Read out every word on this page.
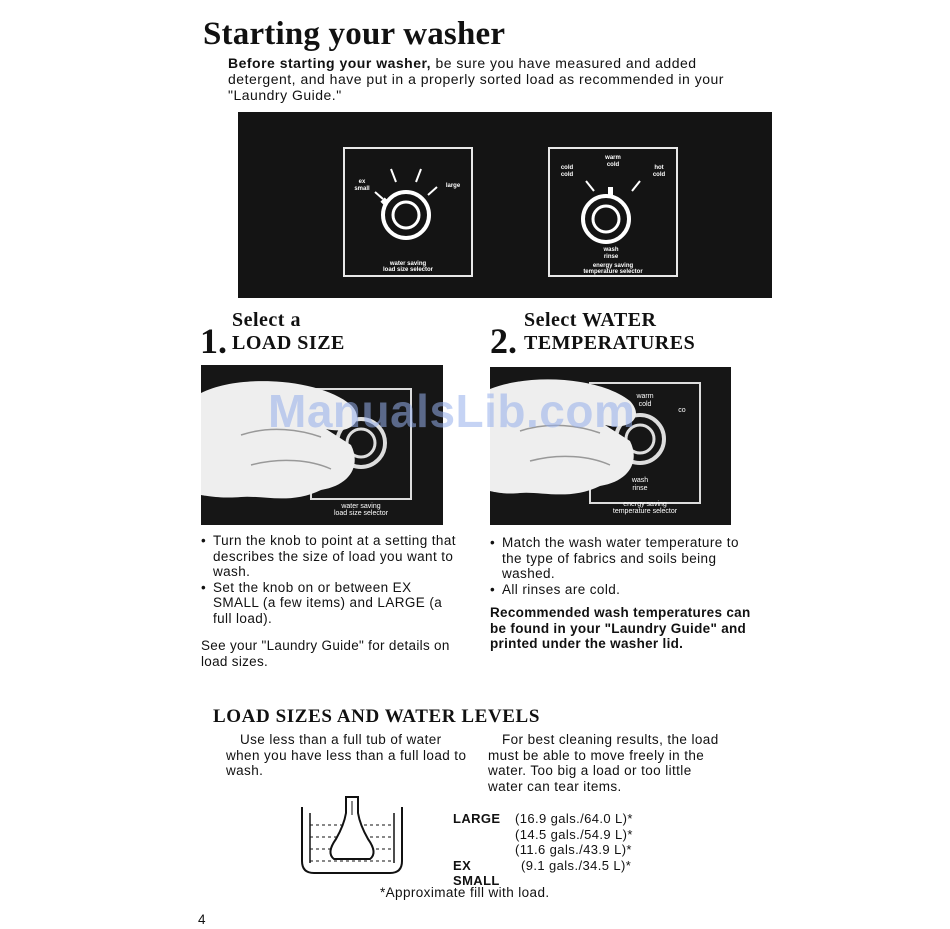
Starting your washer
Before starting your washer, be sure you have measured and added detergent, and have put in a properly sorted load as recommended in your "Laundry Guide."
ex
small	large
water saving
load size selector
warm
cold
cold
cold
hot
cold
wash
rinse
energy saving
temperature selector
Select a
1. LOAD SIZE
Select WATER
2. TEMPERATURES
water saving
load size selector
warm
cold
co
wash
rinse
energy saving
temperature selector
ManualsLib.com
• Turn the knob to point at a setting that describes the size of load you want to wash.
• Set the knob on or between EX SMALL (a few items) and LARGE (a full load).
See your "Laundry Guide" for details on load sizes.
• Match the wash water temperature to the type of fabrics and soils being washed.
• All rinses are cold.
Recommended wash temperatures can be found in your "Laundry Guide" and printed under the washer lid.
LOAD SIZES AND WATER LEVELS
Use less than a full tub of water when you have less than a full load to wash.
For best cleaning results, the load must be able to move freely in the water. Too big a load or too little water can tear items.
LARGE	(16.9 gals./64.0 L)*
(14.5 gals./54.9 L)*
(11.6 gals./43.9 L)*
EX SMALL
(9.1 gals./34.5 L)*
*Approximate fill with load.
4
